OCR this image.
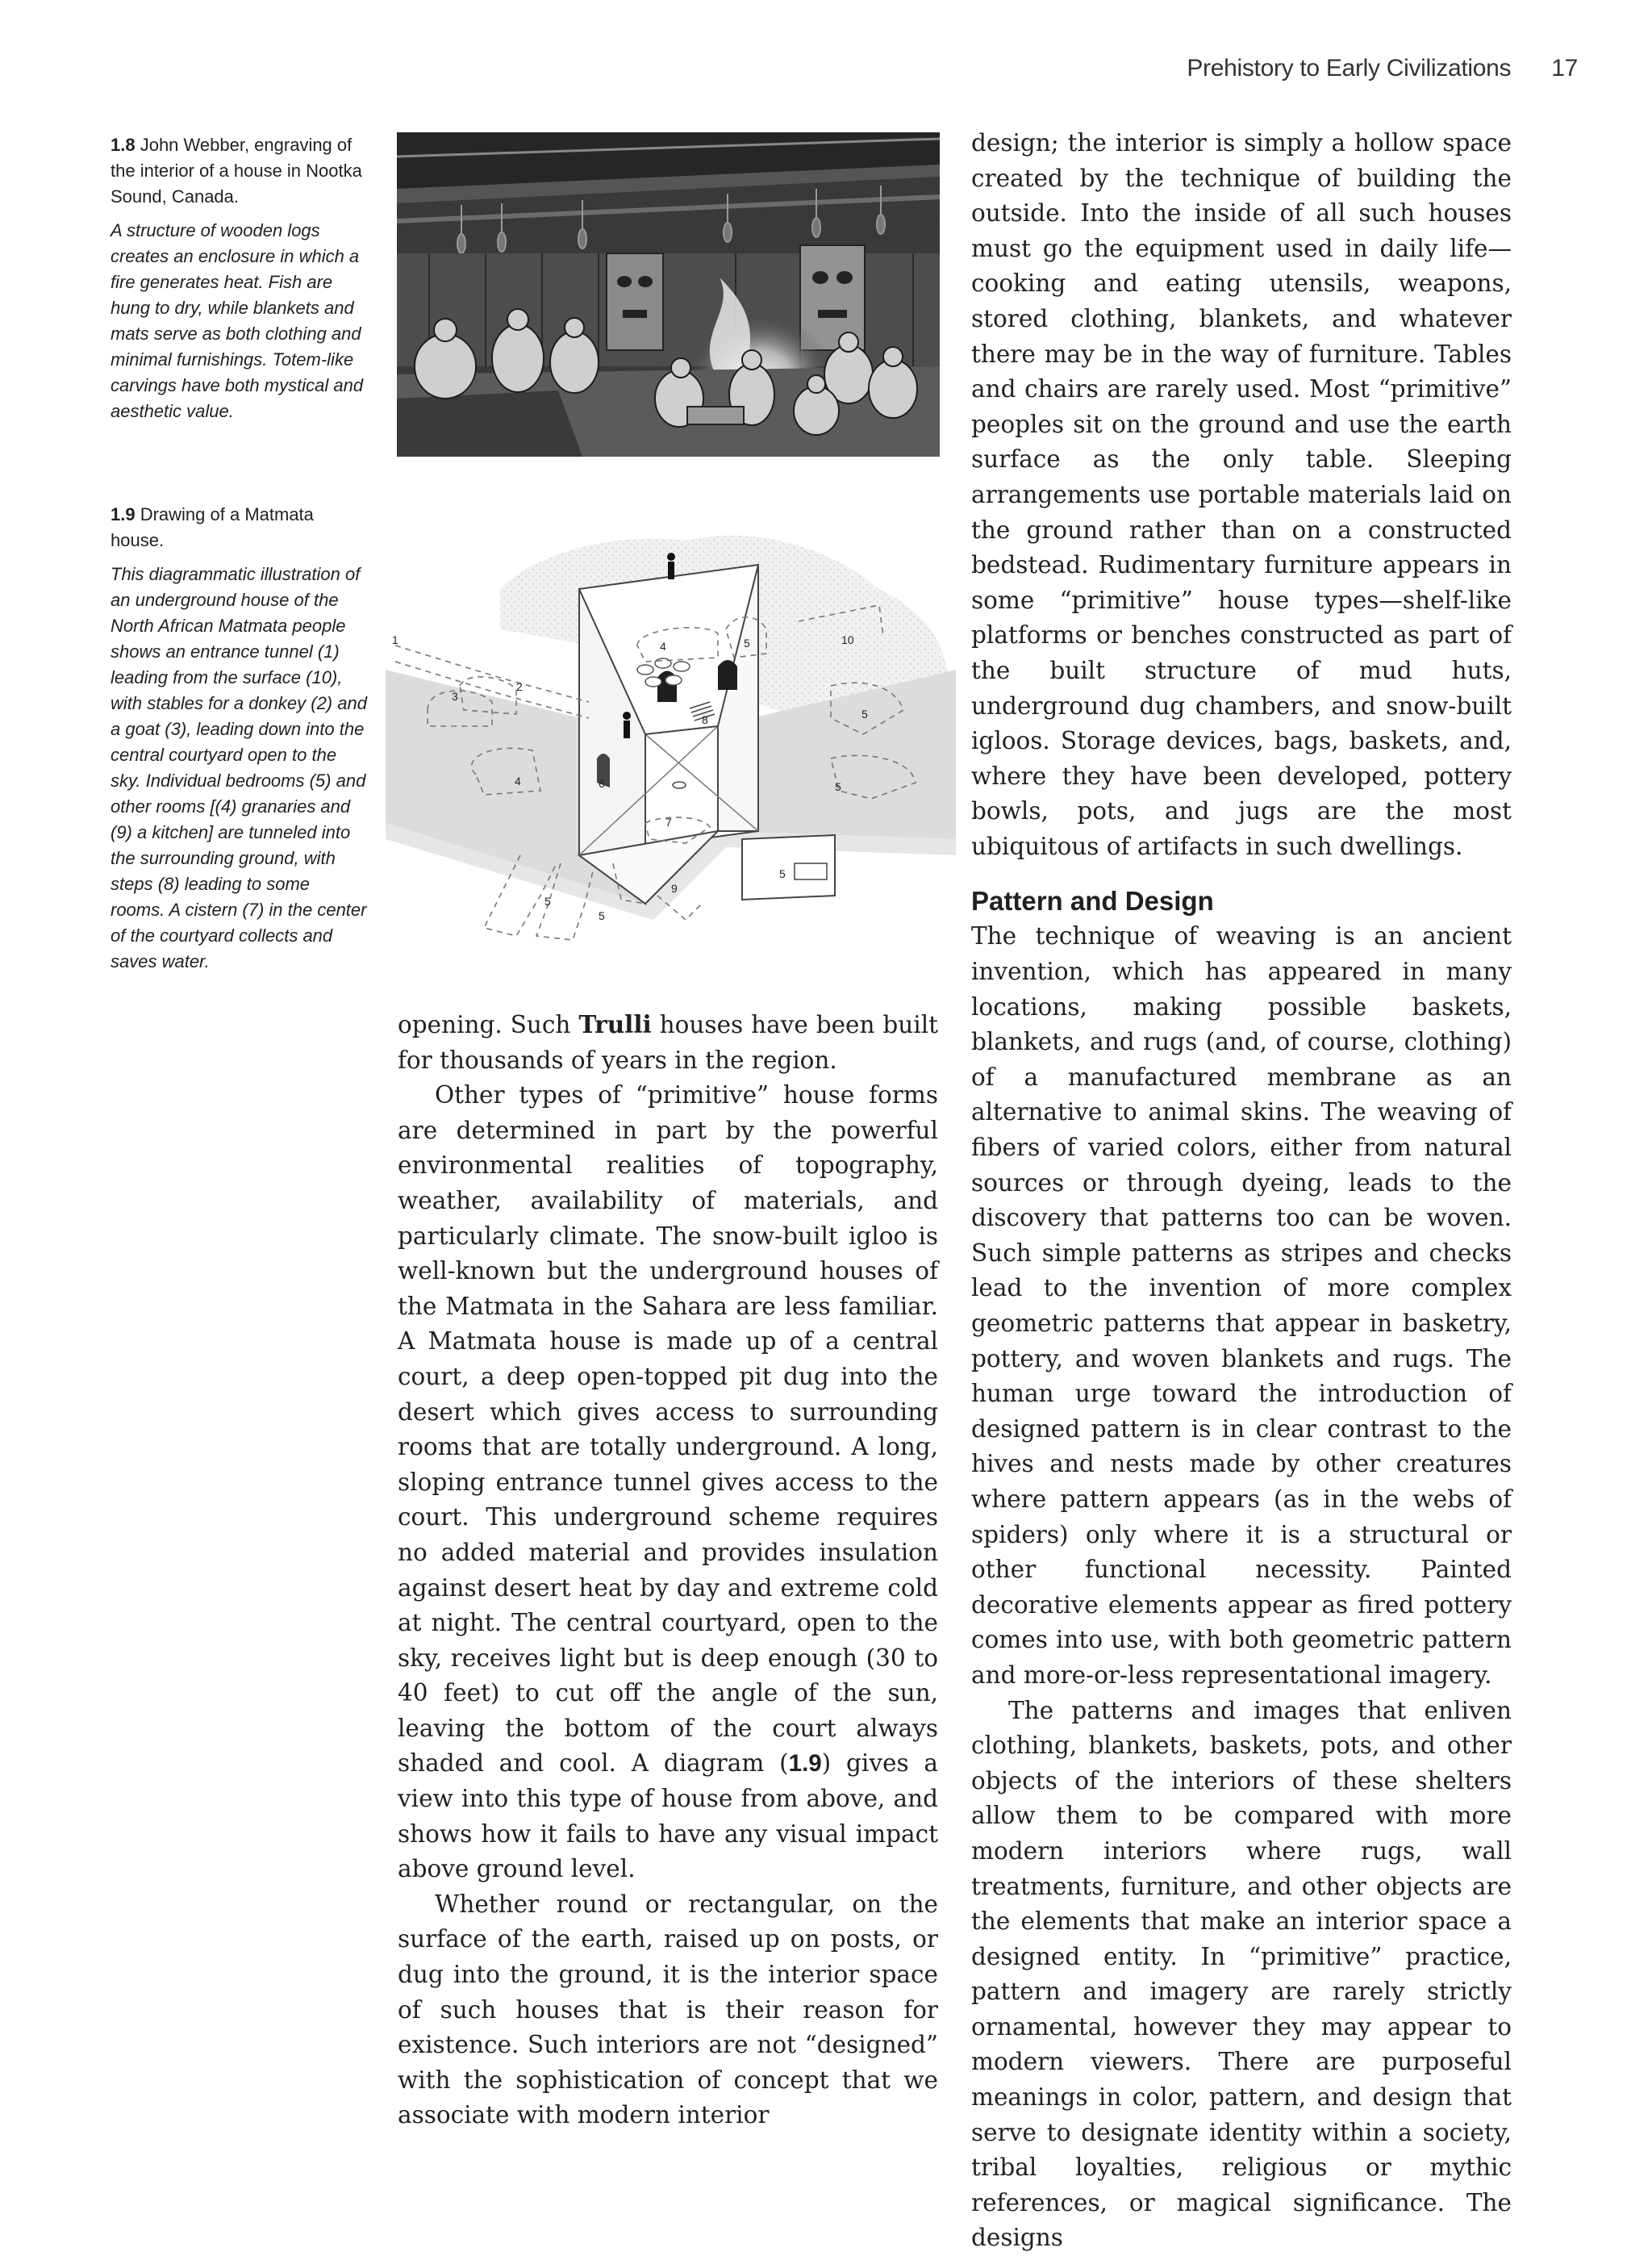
Prehistory to Early Civilizations 17

1.8 John Webber, engraving of the interior of a house in Nootka Sound, Canada.

A structure of wooden logs creates an enclosure in which a fire generates heat. Fish are hung to dry, while blankets and mats serve as both clothing and minimal furnishings. Totem-like carvings have both mystical and aesthetic value.

1.9 Drawing of a Matmata house.

This diagrammatic illustration of an underground house of the North African Matmata people shows an entrance tunnel (1) leading from the surface (10), with stables for a donkey (2) and a goat (3), leading down into the central courtyard open to the sky. Individual bedrooms (5) and other rooms [(4) granaries and (9) a kitchen] are tunneled into the surrounding ground, with steps (8) leading to some rooms. A cistern (7) in the center of the courtyard collects and saves water.

1
2
3
4	5
6
7
8
9
10
4
5
5
5
5
5

opening. Such Trulli houses have been built for thousands of years in the region.

Other types of “primitive” house forms are determined in part by the powerful environmental realities of topography, weather, availability of materials, and particularly climate. The snow-built igloo is well-known but the underground houses of the Matmata in the Sahara are less familiar. A Matmata house is made up of a central court, a deep open-topped pit dug into the desert which gives access to surrounding rooms that are totally underground. A long, sloping entrance tunnel gives access to the court. This underground scheme requires no added material and provides insulation against desert heat by day and extreme cold at night. The central courtyard, open to the sky, receives light but is deep enough (30 to 40 feet) to cut off the angle of the sun, leaving the bottom of the court always shaded and cool. A diagram (1.9) gives a view into this type of house from above, and shows how it fails to have any visual impact above ground level.

Whether round or rectangular, on the surface of the earth, raised up on posts, or dug into the ground, it is the interior space of such houses that is their reason for existence. Such interiors are not “designed” with the sophistication of concept that we associate with modern interior

design; the interior is simply a hollow space created by the technique of building the outside. Into the inside of all such houses must go the equipment used in daily life—cooking and eating utensils, weapons, stored clothing, blankets, and whatever there may be in the way of furniture. Tables and chairs are rarely used. Most “primitive” peoples sit on the ground and use the earth surface as the only table. Sleeping arrangements use portable materials laid on the ground rather than on a constructed bedstead. Rudimentary furniture appears in some “primitive” house types—shelf-like platforms or benches constructed as part of the built structure of mud huts, underground dug chambers, and snow-built igloos. Storage devices, bags, baskets, and, where they have been developed, pottery bowls, pots, and jugs are the most ubiquitous of artifacts in such dwellings.

Pattern and Design

The technique of weaving is an ancient invention, which has appeared in many locations, making possible baskets, blankets, and rugs (and, of course, clothing) of a manufactured membrane as an alternative to animal skins. The weaving of fibers of varied colors, either from natural sources or through dyeing, leads to the discovery that patterns too can be woven. Such simple patterns as stripes and checks lead to the invention of more complex geometric patterns that appear in basketry, pottery, and woven blankets and rugs. The human urge toward the introduction of designed pattern is in clear contrast to the hives and nests made by other creatures where pattern appears (as in the webs of spiders) only where it is a structural or other functional necessity. Painted decorative elements appear as fired pottery comes into use, with both geometric pattern and more-or-less representational imagery.

The patterns and images that enliven clothing, blankets, baskets, pots, and other objects of the interiors of these shelters allow them to be compared with more modern interiors where rugs, wall treatments, furniture, and other objects are the elements that make an interior space a designed entity. In “primitive” practice, pattern and imagery are rarely strictly ornamental, however they may appear to modern viewers. There are purposeful meanings in color, pattern, and design that serve to designate identity within a society, tribal loyalties, religious or mythic references, or magical significance. The designs
